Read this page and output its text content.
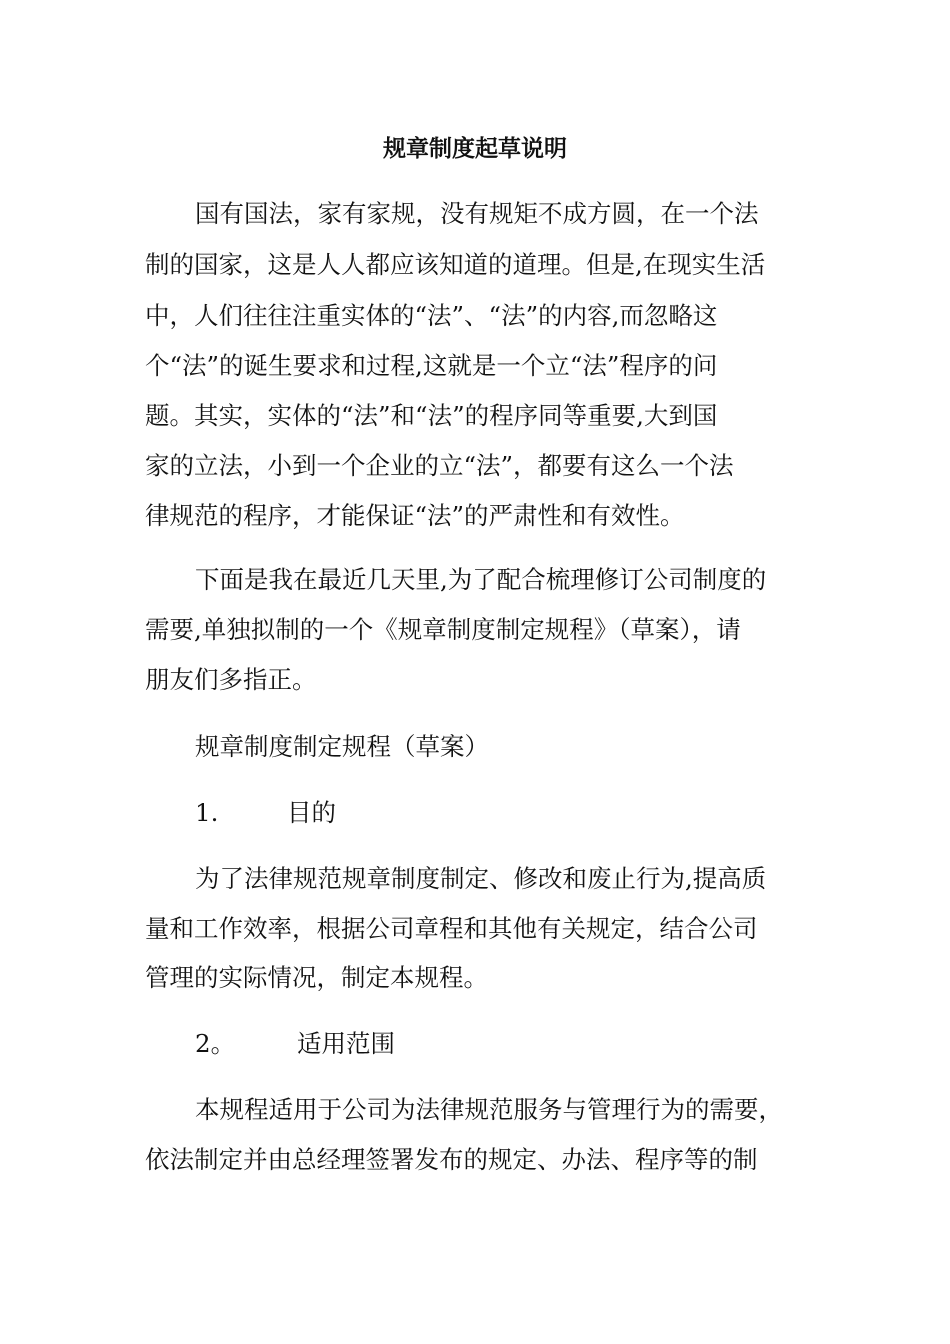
规章制度起草说明
国有国法，家有家规，没有规矩不成方圆，在一个法
制的国家，这是人人都应该知道的道理。但是,在现实生活
中，人们往往注重实体的“法”、“法”的内容,而忽略这
个“法”的诞生要求和过程,这就是一个立“法”程序的问
题。其实，实体的“法”和“法”的程序同等重要,大到国
家的立法，小到一个企业的立“法”，都要有这么一个法
律规范的程序，才能保证“法”的严肃性和有效性。
下面是我在最近几天里,为了配合梳理修订公司制度的
需要,单独拟制的一个《规章制度制定规程》（草案），请
朋友们多指正。
规章制度制定规程（草案）
1.	目的
为了法律规范规章制度制定、修改和废止行为,提高质
量和工作效率，根据公司章程和其他有关规定，结合公司
管理的实际情况，制定本规程。
2。	适用范围
本规程适用于公司为法律规范服务与管理行为的需要，
依法制定并由总经理签署发布的规定、办法、程序等的制
